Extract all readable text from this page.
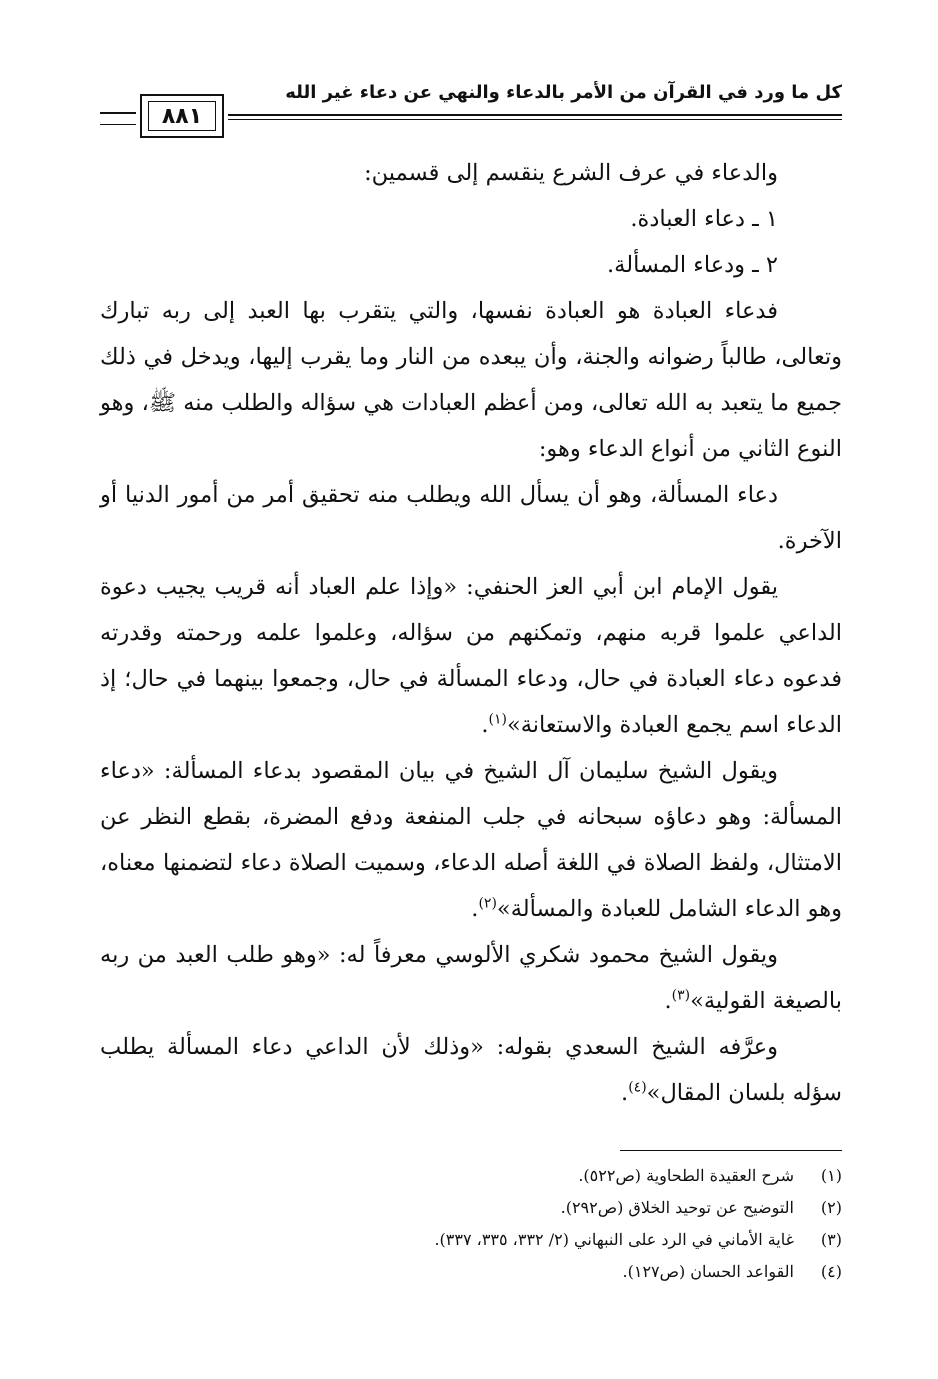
كل ما ورد في القرآن من الأمر بالدعاء والنهي عن دعاء غير الله
٨٨١

والدعاء في عرف الشرع ينقسم إلى قسمين:

١ ـ دعاء العبادة.

٢ ـ ودعاء المسألة.

فدعاء العبادة هو العبادة نفسها، والتي يتقرب بها العبد إلى ربه تبارك وتعالى، طالباً رضوانه والجنة، وأن يبعده من النار وما يقرب إليها، ويدخل في ذلك جميع ما يتعبد به الله تعالى، ومن أعظم العبادات هي سؤاله والطلب منه ﷺ، وهو النوع الثاني من أنواع الدعاء وهو:

دعاء المسألة، وهو أن يسأل الله ويطلب منه تحقيق أمر من أمور الدنيا أو الآخرة.

يقول الإمام ابن أبي العز الحنفي: «وإذا علم العباد أنه قريب يجيب دعوة الداعي علموا قربه منهم، وتمكنهم من سؤاله، وعلموا علمه ورحمته وقدرته فدعوه دعاء العبادة في حال، ودعاء المسألة في حال، وجمعوا بينهما في حال؛ إذ الدعاء اسم يجمع العبادة والاستعانة»$^{(١)}$.

ويقول الشيخ سليمان آل الشيخ في بيان المقصود بدعاء المسألة: «دعاء المسألة: وهو دعاؤه سبحانه في جلب المنفعة ودفع المضرة، بقطع النظر عن الامتثال، ولفظ الصلاة في اللغة أصله الدعاء، وسميت الصلاة دعاء لتضمنها معناه، وهو الدعاء الشامل للعبادة والمسألة»$^{(٢)}$.

ويقول الشيخ محمود شكري الألوسي معرفاً له: «وهو طلب العبد من ربه بالصيغة القولية»$^{(٣)}$.

وعرَّفه الشيخ السعدي بقوله: «وذلك لأن الداعي دعاء المسألة يطلب سؤله بلسان المقال»$^{(٤)}$.

(١)
شرح العقيدة الطحاوية (ص٥٢٢).
(٢)
التوضيح عن توحيد الخلاق (ص٢٩٢).
(٣)
غاية الأماني في الرد على النبهاني (٢/ ٣٣٢، ٣٣٥، ٣٣٧).
(٤)
القواعد الحسان (ص١٢٧).
